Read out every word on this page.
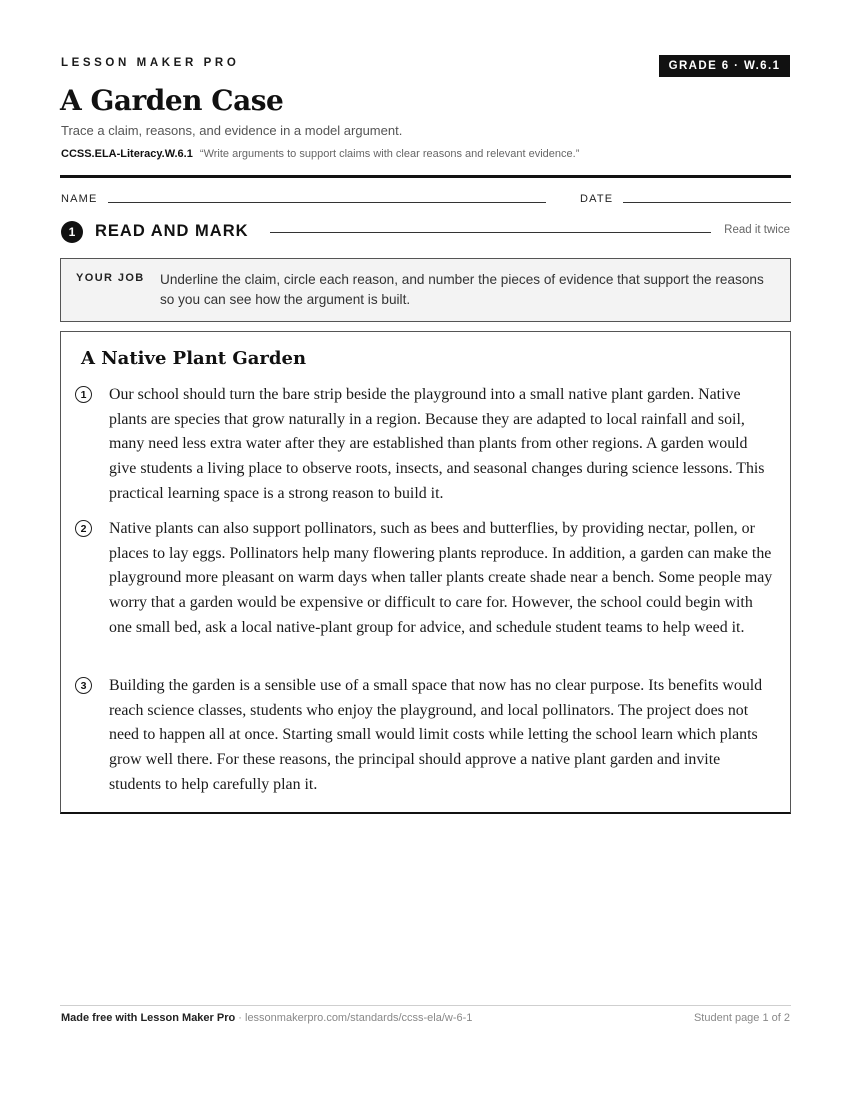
LESSON MAKER PRO	GRADE 6 · W.6.1
A Garden Case
Trace a claim, reasons, and evidence in a model argument.
CCSS.ELA-Literacy.W.6.1 “Write arguments to support claims with clear reasons and relevant evidence.”
NAME	DATE
1	READ AND MARK	Read it twice
YOUR JOB Underline the claim, circle each reason, and number the pieces of evidence that support the reasons so you can see how the argument is built.
A Native Plant Garden
1	Our school should turn the bare strip beside the playground into a small native plant garden. Native plants are species that grow naturally in a region. Because they are adapted to local rainfall and soil, many need less extra water after they are established than plants from other regions. A garden would give students a living place to observe roots, insects, and seasonal changes during science lessons. This practical learning space is a strong reason to build it.
2	Native plants can also support pollinators, such as bees and butterflies, by providing nectar, pollen, or places to lay eggs. Pollinators help many flowering plants reproduce. In addition, a garden can make the playground more pleasant on warm days when taller plants create shade near a bench. Some people may worry that a garden would be expensive or difficult to care for. However, the school could begin with one small bed, ask a local native-plant group for advice, and schedule student teams to help weed it.
3	Building the garden is a sensible use of a small space that now has no clear purpose. Its benefits would reach science classes, students who enjoy the playground, and local pollinators. The project does not need to happen all at once. Starting small would limit costs while letting the school learn which plants grow well there. For these reasons, the principal should approve a native plant garden and invite students to help carefully plan it.
Made free with Lesson Maker Pro · lessonmakerpro.com/standards/ccss-ela/w-6-1	Student page 1 of 2
